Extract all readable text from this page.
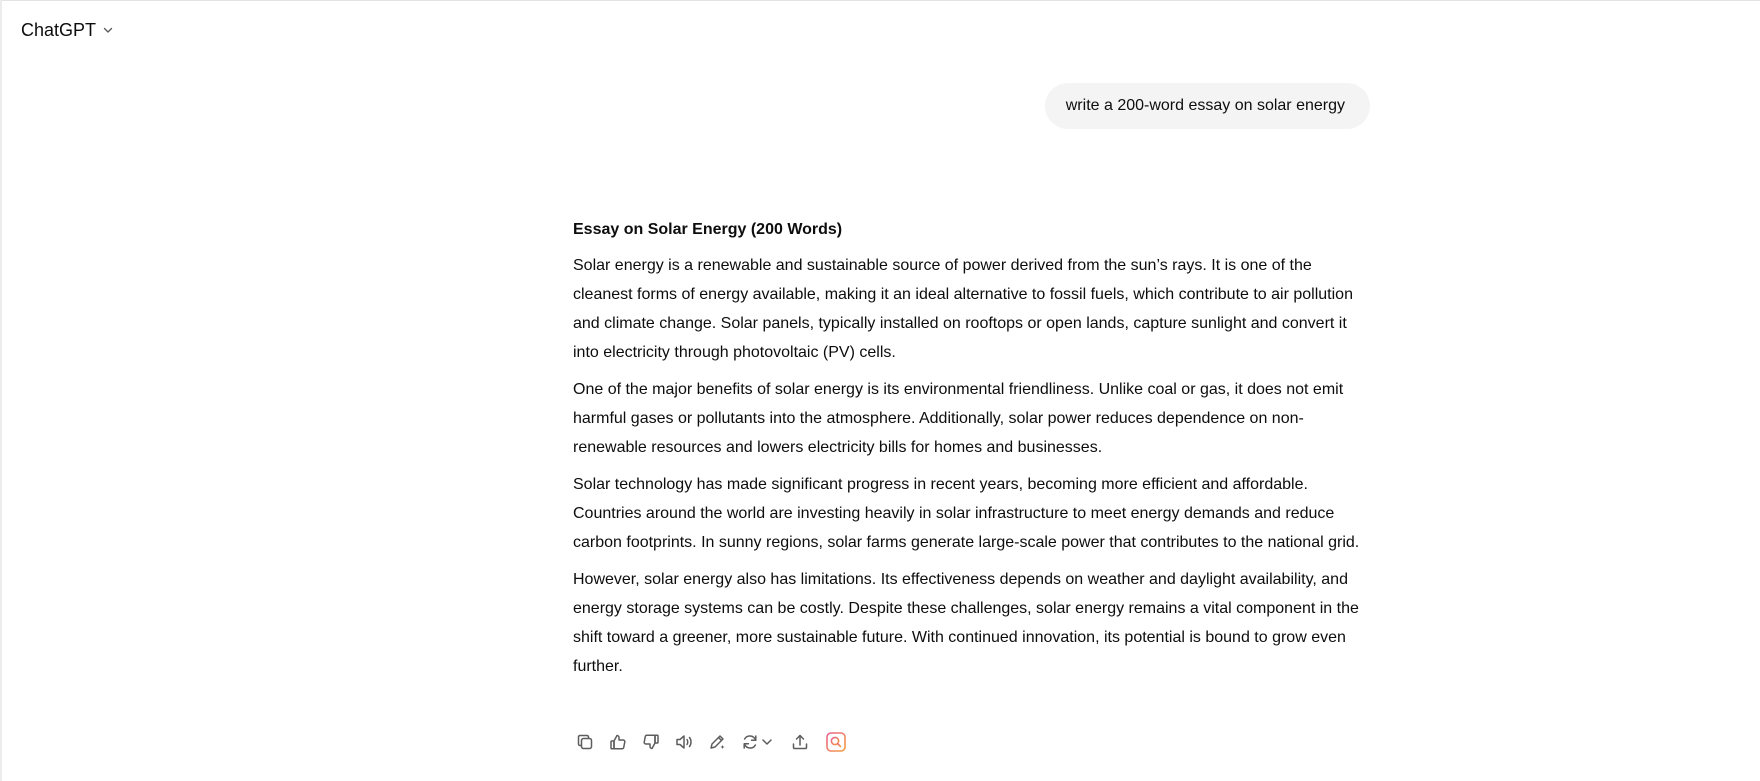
ChatGPT
write a 200-word essay on solar energy
Essay on Solar Energy (200 Words)

Solar energy is a renewable and sustainable source of power derived from the sun’s rays. It is one of the cleanest forms of energy available, making it an ideal alternative to fossil fuels, which contribute to air pollution and climate change. Solar panels, typically installed on rooftops or open lands, capture sunlight and convert it into electricity through photovoltaic (PV) cells.

One of the major benefits of solar energy is its environmental friendliness. Unlike coal or gas, it does not emit harmful gases or pollutants into the atmosphere. Additionally, solar power reduces dependence on non-renewable resources and lowers electricity bills for homes and businesses.

Solar technology has made significant progress in recent years, becoming more efficient and affordable. Countries around the world are investing heavily in solar infrastructure to meet energy demands and reduce carbon footprints. In sunny regions, solar farms generate large-scale power that contributes to the national grid.

However, solar energy also has limitations. Its effectiveness depends on weather and daylight availability, and energy storage systems can be costly. Despite these challenges, solar energy remains a vital component in the shift toward a greener, more sustainable future. With continued innovation, its potential is bound to grow even further.
